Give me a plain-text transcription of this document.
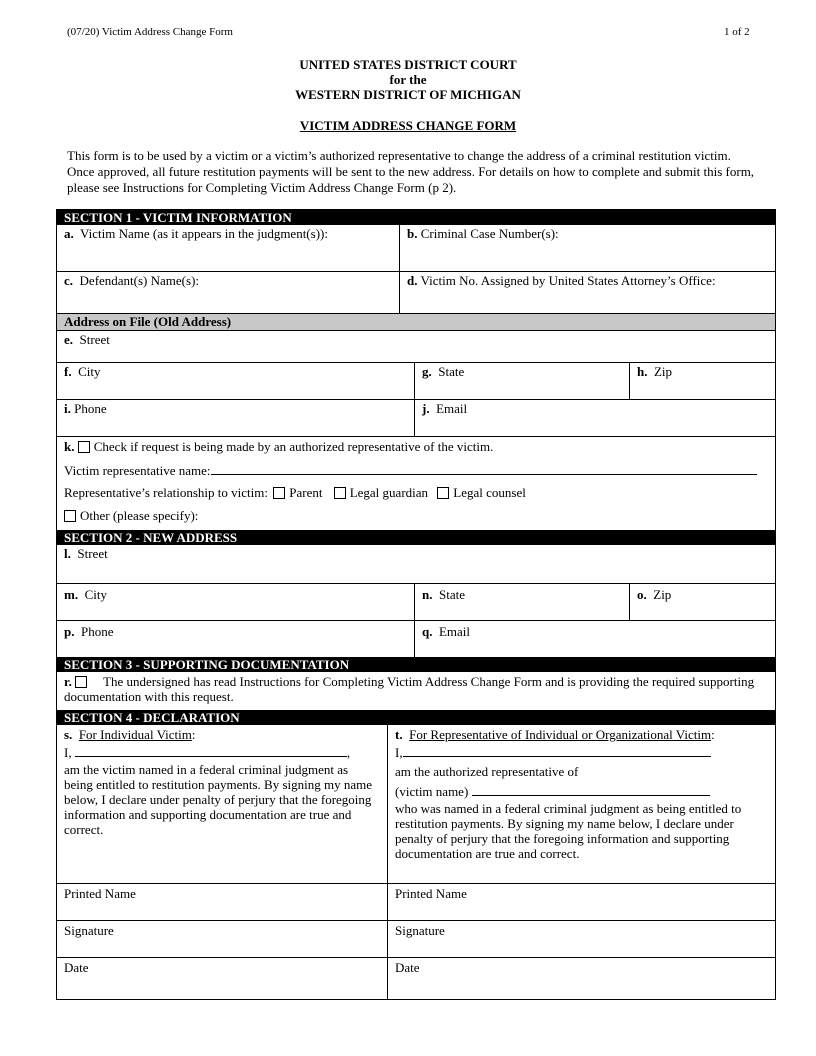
(07/20) Victim Address Change Form	1 of 2
UNITED STATES DISTRICT COURT
for the
WESTERN DISTRICT OF MICHIGAN
VICTIM ADDRESS CHANGE FORM
This form is to be used by a victim or a victim’s authorized representative to change the address of a criminal restitution victim. Once approved, all future restitution payments will be sent to the new address. For details on how to complete and submit this form, please see Instructions for Completing Victim Address Change Form (p 2).
SECTION 1 - VICTIM INFORMATION
a. Victim Name (as it appears in the judgment(s)):	b. Criminal Case Number(s):
c. Defendant(s) Name(s):	d. Victim No. Assigned by United States Attorney’s Office:
Address on File (Old Address)
e. Street
f. City	g. State	h. Zip
i. Phone	j. Email
k. Check if request is being made by an authorized representative of the victim.
Victim representative name:
Representative’s relationship to victim: Parent Legal guardian Legal counsel
Other (please specify):
SECTION 2 - NEW ADDRESS
l. Street
m. City	n. State	o. Zip
p. Phone	q. Email
SECTION 3 - SUPPORTING DOCUMENTATION
r. The undersigned has read Instructions for Completing Victim Address Change Form and is providing the required supporting documentation with this request.
SECTION 4 - DECLARATION
s. For Individual Victim:
I,	,
am the victim named in a federal criminal judgment as being entitled to restitution payments. By signing my name below, I declare under penalty of perjury that the foregoing information and supporting documentation are true and correct.
t. For Representative of Individual or Organizational Victim:
I,
am the authorized representative of
(victim name)
who was named in a federal criminal judgment as being entitled to restitution payments. By signing my name below, I declare under penalty of perjury that the foregoing information and supporting documentation are true and correct.
Printed Name	Printed Name
Signature	Signature
Date	Date
